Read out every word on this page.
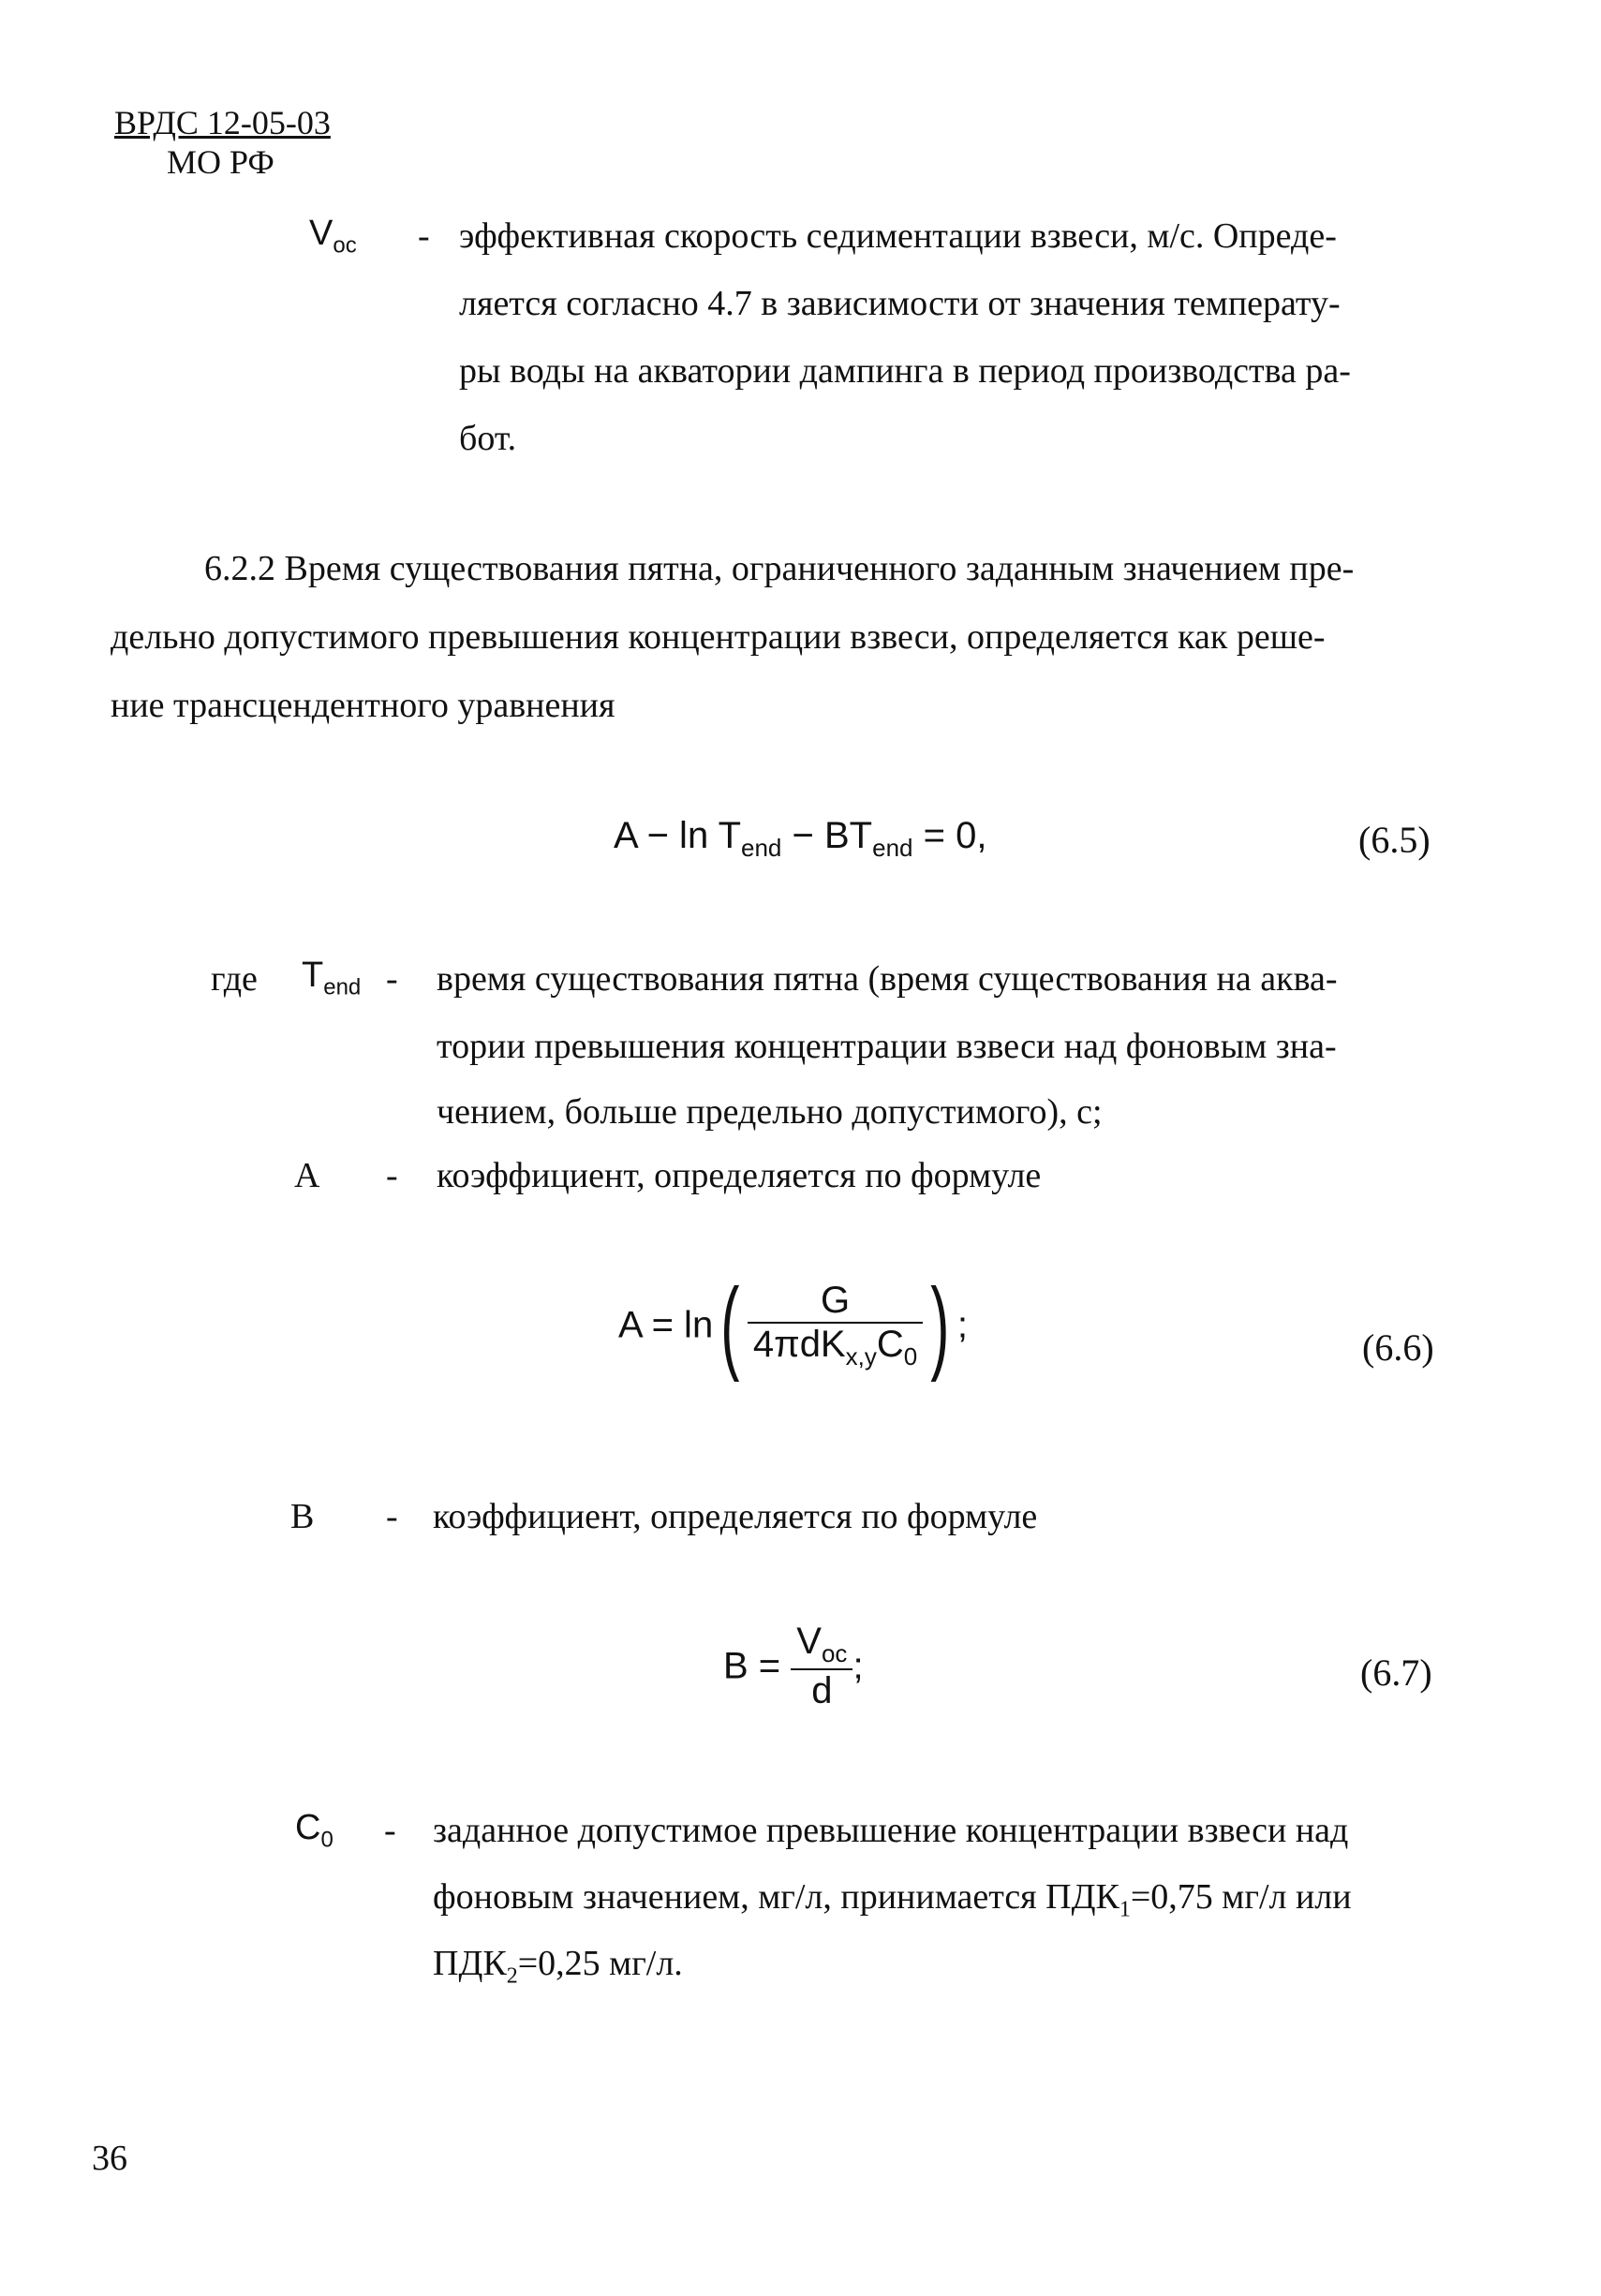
ВРДС 12-05-03
МО РФ
$V_{oc}$ - эффективная скорость седиментации взвеси, м/с. Опреде-
ляется согласно 4.7 в зависимости от значения температу-
ры воды на акватории дампинга в период производства ра-
бот.
6.2.2 Время существования пятна, ограниченного заданным значением пре-
дельно допустимого превышения концентрации взвеси, определяется как реше-
ние трансцендентного уравнения
$A - \ln T_{end} - BT_{end} = 0$,	(6.5)
где $T_{end}$ - время существования пятна (время существования на аква-
тории превышения концентрации взвеси над фоновым зна-
чением, больше предельно допустимого), с;
A - коэффициент, определяется по формуле
$A = \ln( \frac{G}{4\pi dK_{x,y}C_0}$ ) ;
(6.6)
B - коэффициент, определяется по формуле
$B = \frac{V_{oc}}{d}$ ;	(6.7)
$C_0$ - заданное допустимое превышение концентрации взвеси над
фоновым значением, мг/л, принимается $ПДК_1=0,75$ мг/л или
$ПДК_2=0,25$ мг/л.
36
